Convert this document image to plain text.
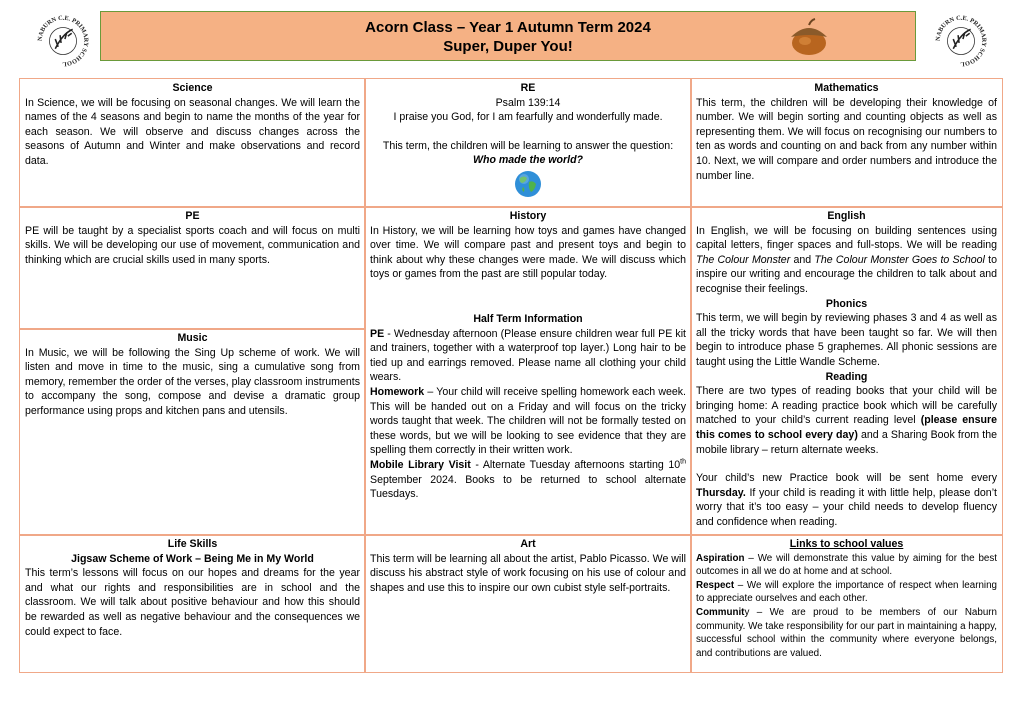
NABURN C.E. PRIMARY SCHOOL
NABURN C.E. PRIMARY SCHOOL
Acorn Class – Year 1 Autumn Term 2024
Super, Duper You!
Science
In Science, we will be focusing on seasonal changes. We will learn the names of the 4 seasons and begin to name the months of the year for each season. We will observe and discuss changes across the seasons of Autumn and Winter and make observations and record data.
RE
Psalm 139:14
I praise you God, for I am fearfully and wonderfully made.
This term, the children will be learning to answer the question:
Who made the world?
Mathematics
This term, the children will be developing their knowledge of number. We will begin sorting and counting objects as well as representing them. We will focus on recognising our numbers to ten as words and counting on and back from any number within 10. Next, we will compare and order numbers and introduce the number line.
PE
PE will be taught by a specialist sports coach and will focus on multi skills. We will be developing our use of movement, communication and thinking which are crucial skills used in many sports.
Music
In Music, we will be following the Sing Up scheme of work. We will listen and move in time to the music, sing a cumulative song from memory, remember the order of the verses, play classroom instruments to accompany the song, compose and devise a dramatic group performance using props and kitchen pans and utensils.
History
In History, we will be learning how toys and games have changed over time. We will compare past and present toys and begin to think about why these changes were made. We will discuss which toys or games from the past are still popular today.
Half Term Information
PE - Wednesday afternoon (Please ensure children wear full PE kit and trainers, together with a waterproof top layer.) Long hair to be tied up and earrings removed. Please name all clothing your child wears.
Homework – Your child will receive spelling homework each week. This will be handed out on a Friday and will focus on the tricky words taught that week. The children will not be formally tested on these words, but we will be looking to see evidence that they are spelling them correctly in their written work.
Mobile Library Visit - Alternate Tuesday afternoons starting 10th September 2024. Books to be returned to school alternate Tuesdays.
English
In English, we will be focusing on building sentences using capital letters, finger spaces and full-stops. We will be reading The Colour Monster and The Colour Monster Goes to School to inspire our writing and encourage the children to talk about and recognise their feelings.
Phonics
This term, we will begin by reviewing phases 3 and 4 as well as all the tricky words that have been taught so far. We will then begin to introduce phase 5 graphemes. All phonic sessions are taught using the Little Wandle Scheme.
Reading
There are two types of reading books that your child will be bringing home: A reading practice book which will be carefully matched to your child’s current reading level (please ensure this comes to school every day) and a Sharing Book from the mobile library – return alternate weeks.
Your child’s new Practice book will be sent home every Thursday. If your child is reading it with little help, please don’t worry that it’s too easy – your child needs to develop fluency and confidence when reading.
Life Skills
Jigsaw Scheme of Work – Being Me in My World
This term’s lessons will focus on our hopes and dreams for the year and what our rights and responsibilities are in school and the classroom. We will talk about positive behaviour and how this should be rewarded as well as negative behaviour and the consequences we could expect to face.
Art
This term will be learning all about the artist, Pablo Picasso. We will discuss his abstract style of work focusing on his use of colour and shapes and use this to inspire our own cubist style self-portraits.
Links to school values
Aspiration – We will demonstrate this value by aiming for the best outcomes in all we do at home and at school.
Respect – We will explore the importance of respect when learning to appreciate ourselves and each other.
Community – We are proud to be members of our Naburn community. We take responsibility for our part in maintaining a happy, successful school within the community where everyone belongs, and contributions are valued.
